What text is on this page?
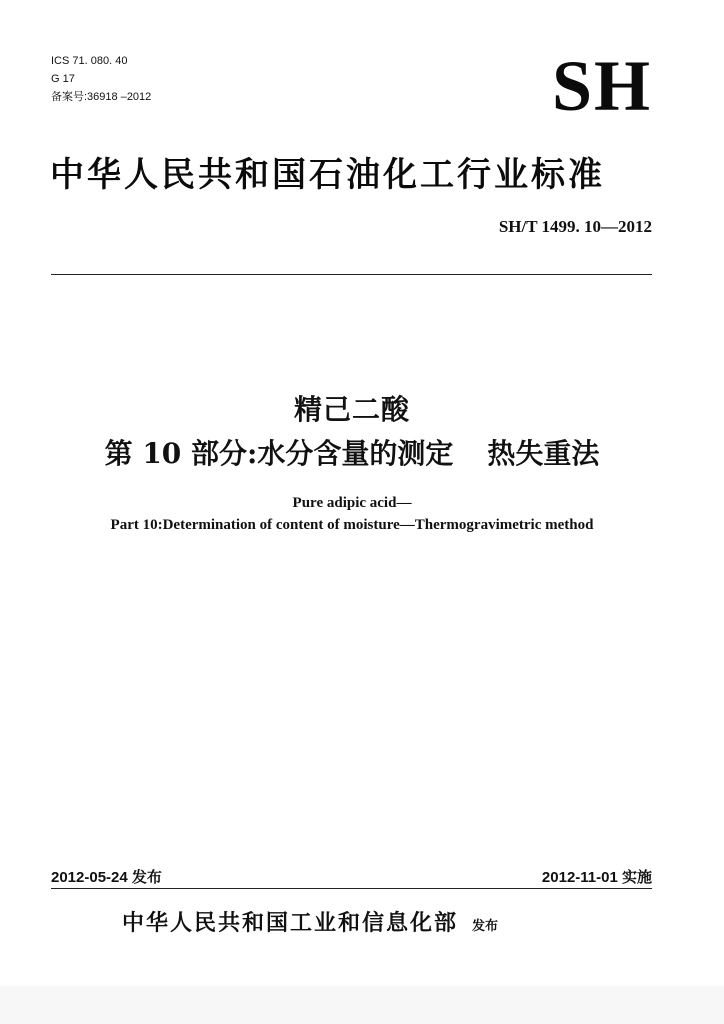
ICS 71. 080. 40
G 17
备案号:36918 –2012	SH
中华人民共和国石油化工行业标准
SH/T 1499. 10—2012
精己二酸
第 10 部分:水分含量的测定 热失重法
Pure adipic acid—
Part 10:Determination of content of moisture—Thermogravimetric method
2012-05-24 发布	2012-11-01 实施
中华人民共和国工业和信息化部 发布
